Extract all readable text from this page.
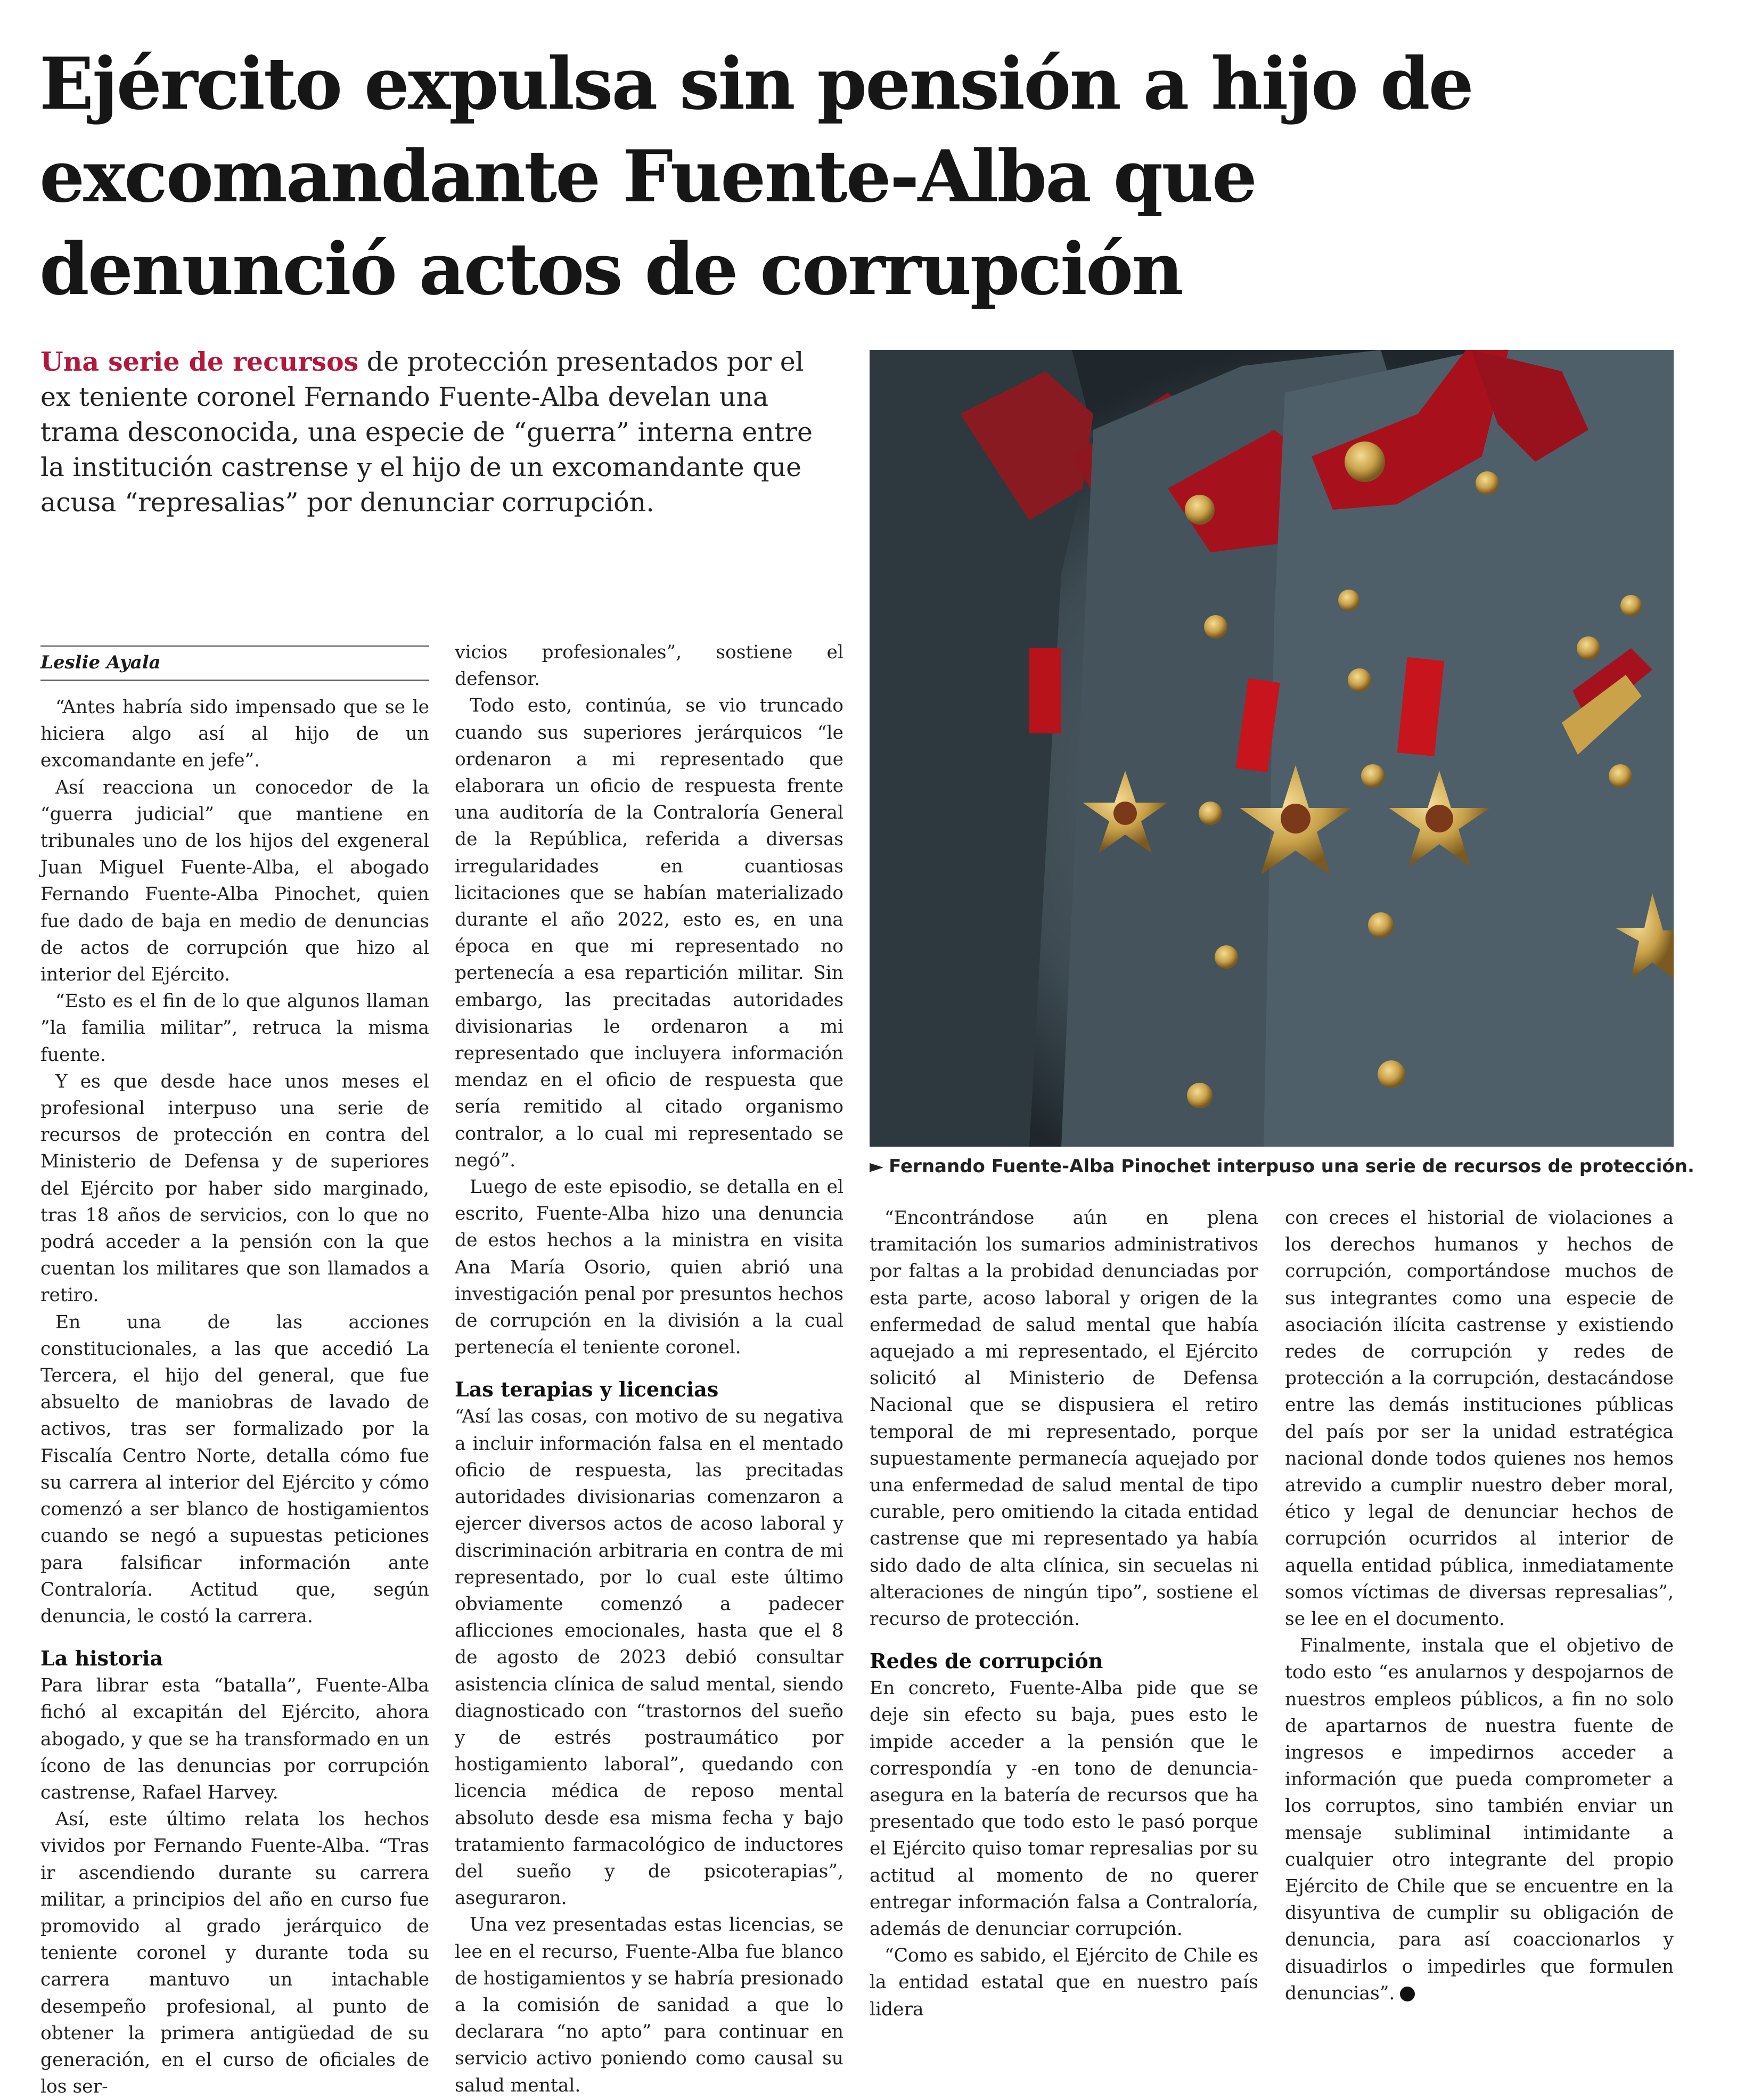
Ejército expulsa sin pensión a hijo de excomandante Fuente-Alba que denunció actos de corrupción

Una serie de recursos de protección presentados por el ex teniente coronel Fernando Fuente-Alba develan una trama desconocida, una especie de “guerra” interna entre la institución castrense y el hijo de un excomandante que acusa “represalias” por denunciar corrupción.

► Fernando Fuente-Alba Pinochet interpuso una serie de recursos de protección.
Leslie Ayala

“Antes habría sido impensado que se le hiciera algo así al hijo de un excomandante en jefe”.

Así reacciona un conocedor de la “guerra judicial” que mantiene en tribunales uno de los hijos del exgeneral Juan Miguel Fuente-Alba, el abogado Fernando Fuente-Alba Pinochet, quien fue dado de baja en medio de denuncias de actos de corrupción que hizo al interior del Ejército.

“Esto es el fin de lo que algunos llaman ”la familia militar”, retruca la misma fuente.

Y es que desde hace unos meses el profesional interpuso una serie de recursos de protección en contra del Ministerio de Defensa y de superiores del Ejército por haber sido marginado, tras 18 años de servicios, con lo que no podrá acceder a la pensión con la que cuentan los militares que son llamados a retiro.

En una de las acciones constitucionales, a las que accedió La Tercera, el hijo del general, que fue absuelto de maniobras de lavado de activos, tras ser formalizado por la Fiscalía Centro Norte, detalla cómo fue su carrera al interior del Ejército y cómo comenzó a ser blanco de hostigamientos cuando se negó a supuestas peticiones para falsificar información ante Contraloría. Actitud que, según denuncia, le costó la carrera.

La historia

Para librar esta “batalla”, Fuente-Alba fichó al excapitán del Ejército, ahora abogado, y que se ha transformado en un ícono de las denuncias por corrupción castrense, Rafael Harvey.

Así, este último relata los hechos vividos por Fernando Fuente-Alba. “Tras ir ascendiendo durante su carrera militar, a principios del año en curso fue promovido al grado jerárquico de teniente coronel y durante toda su carrera mantuvo un intachable desempeño profesional, al punto de obtener la primera antigüedad de su generación, en el curso de oficiales de los ser-

vicios profesionales”, sostiene el defensor.

Todo esto, continúa, se vio truncado cuando sus superiores jerárquicos “le ordenaron a mi representado que elaborara un oficio de respuesta frente una auditoría de la Contraloría General de la República, referida a diversas irregularidades en cuantiosas licitaciones que se habían materializado durante el año 2022, esto es, en una época en que mi representado no pertenecía a esa repartición militar. Sin embargo, las precitadas autoridades divisionarias le ordenaron a mi representado que incluyera información mendaz en el oficio de respuesta que sería remitido al citado organismo contralor, a lo cual mi representado se negó”.

Luego de este episodio, se detalla en el escrito, Fuente-Alba hizo una denuncia de estos hechos a la ministra en visita Ana María Osorio, quien abrió una investigación penal por presuntos hechos de corrupción en la división a la cual pertenecía el teniente coronel.

Las terapias y licencias

“Así las cosas, con motivo de su negativa a incluir información falsa en el mentado oficio de respuesta, las precitadas autoridades divisionarias comenzaron a ejercer diversos actos de acoso laboral y discriminación arbitraria en contra de mi representado, por lo cual este último obviamente comenzó a padecer aflicciones emocionales, hasta que el 8 de agosto de 2023 debió consultar asistencia clínica de salud mental, siendo diagnosticado con “trastornos del sueño y de estrés postraumático por hostigamiento laboral”, quedando con licencia médica de reposo mental absoluto desde esa misma fecha y bajo tratamiento farmacológico de inductores del sueño y de psicoterapias”, aseguraron.

Una vez presentadas estas licencias, se lee en el recurso, Fuente-Alba fue blanco de hostigamientos y se habría presionado a la comisión de sanidad a que lo declarara “no apto” para continuar en servicio activo poniendo como causal su salud mental.

“Encontrándose aún en plena tramitación los sumarios administrativos por faltas a la probidad denunciadas por esta parte, acoso laboral y origen de la enfermedad de salud mental que había aquejado a mi representado, el Ejército solicitó al Ministerio de Defensa Nacional que se dispusiera el retiro temporal de mi representado, porque supuestamente permanecía aquejado por una enfermedad de salud mental de tipo curable, pero omitiendo la citada entidad castrense que mi representado ya había sido dado de alta clínica, sin secuelas ni alteraciones de ningún tipo”, sostiene el recurso de protección.

Redes de corrupción

En concreto, Fuente-Alba pide que se deje sin efecto su baja, pues esto le impide acceder a la pensión que le correspondía y -en tono de denuncia- asegura en la batería de recursos que ha presentado que todo esto le pasó porque el Ejército quiso tomar represalias por su actitud al momento de no querer entregar información falsa a Contraloría, además de denunciar corrupción.

“Como es sabido, el Ejército de Chile es la entidad estatal que en nuestro país lidera

con creces el historial de violaciones a los derechos humanos y hechos de corrupción, comportándose muchos de sus integrantes como una especie de asociación ilícita castrense y existiendo redes de corrupción y redes de protección a la corrupción, destacándose entre las demás instituciones públicas del país por ser la unidad estratégica nacional donde todos quienes nos hemos atrevido a cumplir nuestro deber moral, ético y legal de denunciar hechos de corrupción ocurridos al interior de aquella entidad pública, inmediatamente somos víctimas de diversas represalias”, se lee en el documento.

Finalmente, instala que el objetivo de todo esto “es anularnos y despojarnos de nuestros empleos públicos, a fin no solo de apartarnos de nuestra fuente de ingresos e impedirnos acceder a información que pueda comprometer a los corruptos, sino también enviar un mensaje subliminal intimidante a cualquier otro integrante del propio Ejército de Chile que se encuentre en la disyuntiva de cumplir su obligación de denuncia, para así coaccionarlos y disuadirlos o impedirles que formulen denuncias”.
